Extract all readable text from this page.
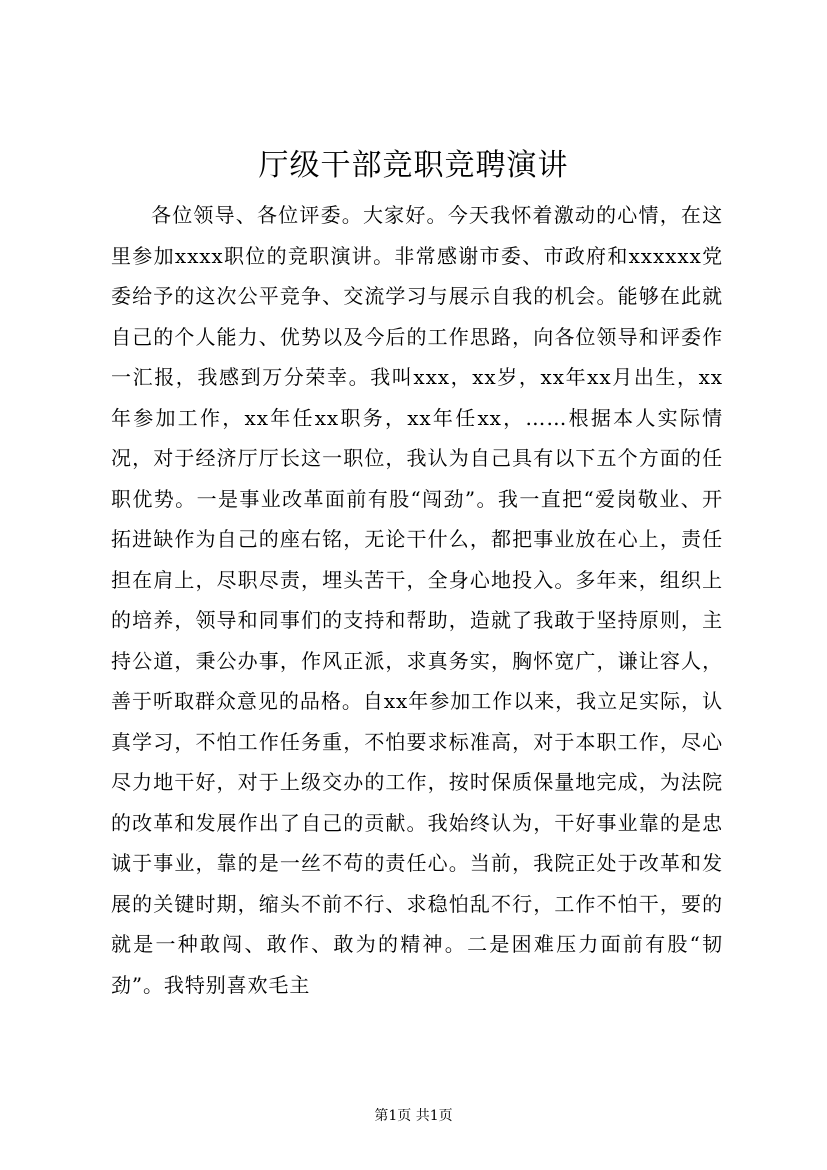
厅级干部竞职竞聘演讲

各位领导、各位评委。大家好。今天我怀着激动的心情，在这里参加xxxx职位的竞职演讲。非常感谢市委、市政府和xxxxxx党委给予的这次公平竞争、交流学习与展示自我的机会。能够在此就自己的个人能力、优势以及今后的工作思路，向各位领导和评委作一汇报，我感到万分荣幸。我叫xxx，xx岁，xx年xx月出生，xx年参加工作，xx年任xx职务，xx年任xx，……根据本人实际情况，对于经济厅厅长这一职位，我认为自己具有以下五个方面的任职优势。一是事业改革面前有股“闯劲”。我一直把“爱岗敬业、开拓进缺作为自己的座右铭，无论干什么，都把事业放在心上，责任担在肩上，尽职尽责，埋头苦干，全身心地投入。多年来，组织上的培养，领导和同事们的支持和帮助，造就了我敢于坚持原则，主持公道，秉公办事，作风正派，求真务实，胸怀宽广，谦让容人，善于听取群众意见的品格。自xx年参加工作以来，我立足实际，认真学习，不怕工作任务重，不怕要求标准高，对于本职工作，尽心尽力地干好，对于上级交办的工作，按时保质保量地完成，为法院的改革和发展作出了自己的贡献。我始终认为，干好事业靠的是忠诚于事业，靠的是一丝不苟的责任心。当前，我院正处于改革和发展的关键时期，缩头不前不行、求稳怕乱不行，工作不怕干，要的就是一种敢闯、敢作、敢为的精神。二是困难压力面前有股“韧劲”。我特别喜欢毛主

第1页 共1页
